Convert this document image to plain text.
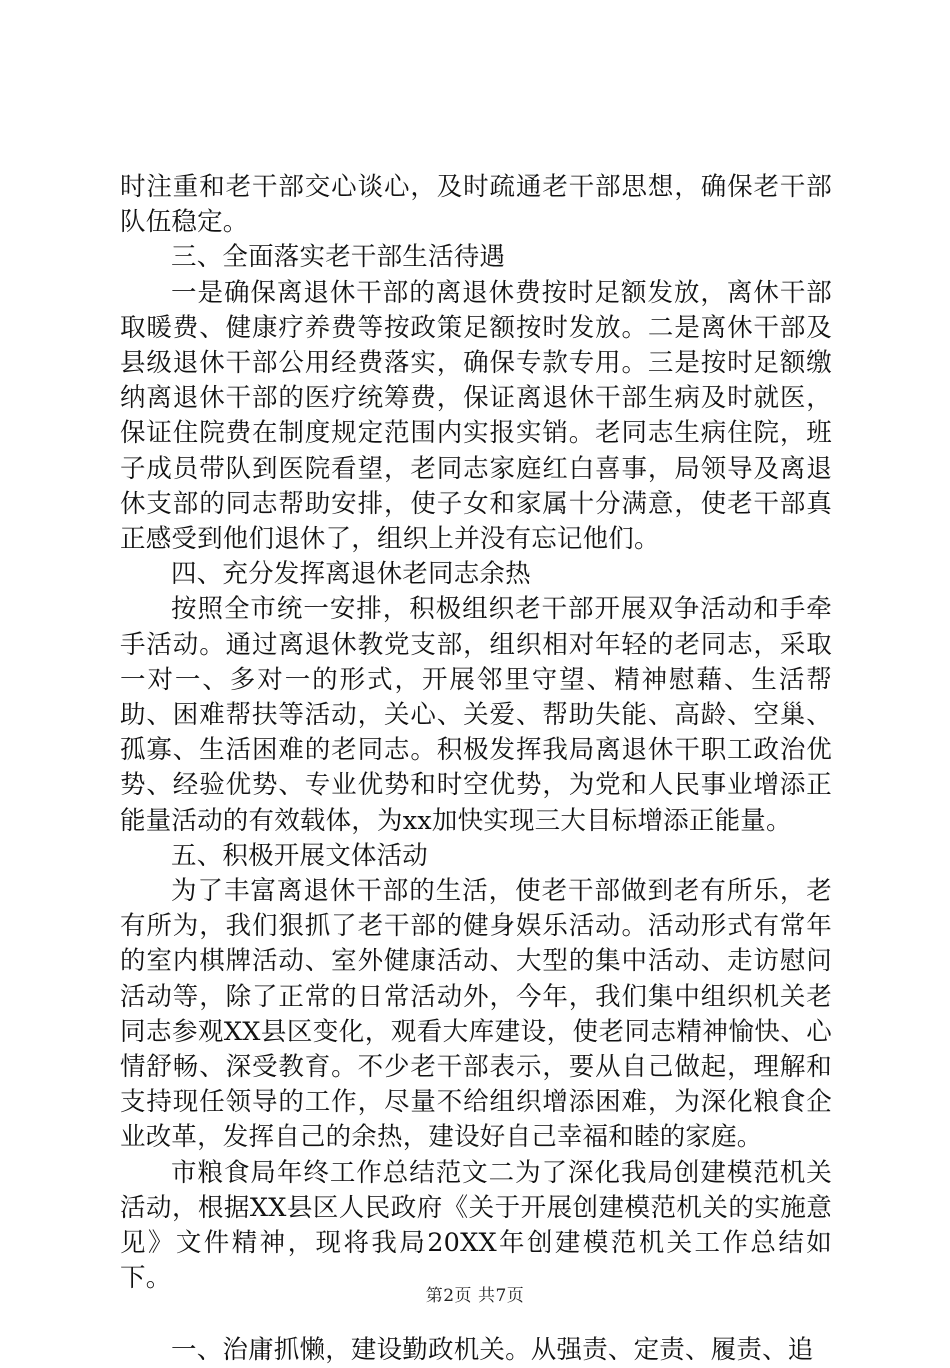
时注重和老干部交心谈心，及时疏通老干部思想，确保老干部队伍稳定。

三、全面落实老干部生活待遇

一是确保离退休干部的离退休费按时足额发放，离休干部取暖费、健康疗养费等按政策足额按时发放。二是离休干部及县级退休干部公用经费落实，确保专款专用。三是按时足额缴纳离退休干部的医疗统筹费，保证离退休干部生病及时就医，保证住院费在制度规定范围内实报实销。老同志生病住院，班子成员带队到医院看望，老同志家庭红白喜事，局领导及离退休支部的同志帮助安排，使子女和家属十分满意，使老干部真正感受到他们退休了，组织上并没有忘记他们。

四、充分发挥离退休老同志余热

按照全市统一安排，积极组织老干部开展双争活动和手牵手活动。通过离退休教党支部，组织相对年轻的老同志，采取一对一、多对一的形式，开展邻里守望、精神慰藉、生活帮助、困难帮扶等活动，关心、关爱、帮助失能、高龄、空巢、孤寡、生活困难的老同志。积极发挥我局离退休干职工政治优势、经验优势、专业优势和时空优势，为党和人民事业增添正能量活动的有效载体，为xx加快实现三大目标增添正能量。

五、积极开展文体活动

为了丰富离退休干部的生活，使老干部做到老有所乐，老有所为，我们狠抓了老干部的健身娱乐活动。活动形式有常年的室内棋牌活动、室外健康活动、大型的集中活动、走访慰问活动等，除了正常的日常活动外，今年，我们集中组织机关老同志参观XX县区变化，观看大库建设，使老同志精神愉快、心情舒畅、深受教育。不少老干部表示，要从自己做起，理解和支持现任领导的工作，尽量不给组织增添困难，为深化粮食企业改革，发挥自己的余热，建设好自己幸福和睦的家庭。

市粮食局年终工作总结范文二为了深化我局创建模范机关活动，根据XX县区人民政府《关于开展创建模范机关的实施意见》文件精神，现将我局20XX年创建模范机关工作总结如下。

一、治庸抓懒，建设勤政机关。从强责、定责、履责、追

第2页 共7页
